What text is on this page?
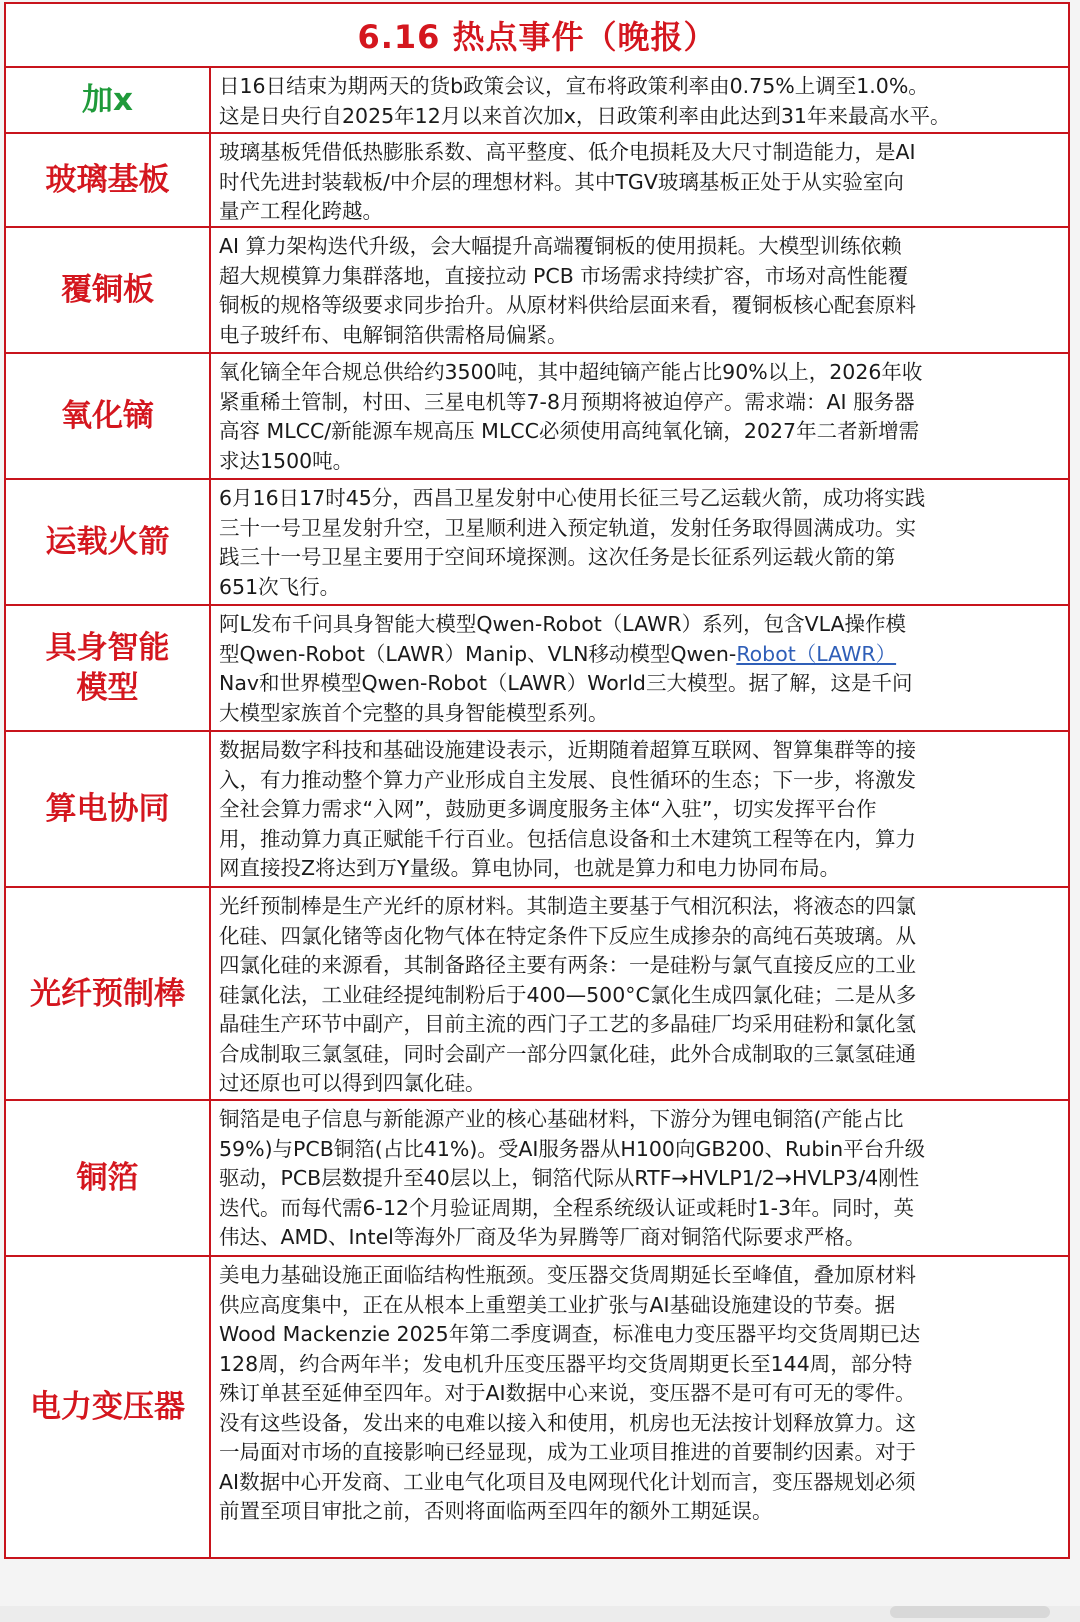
6.16 热点事件（晚报）
加x	日16日结束为期两天的货b政策会议，宣布将政策利率由0.75%上调至1.0%。
这是日央行自2025年12月以来首次加x，日政策利率由此达到31年来最高水平。
玻璃基板
玻璃基板凭借低热膨胀系数、高平整度、低介电损耗及大尺寸制造能力，是AI
时代先进封装载板/中介层的理想材料。其中TGV玻璃基板正处于从实验室向
量产工程化跨越。
覆铜板
AI 算力架构迭代升级，会大幅提升高端覆铜板的使用损耗。大模型训练依赖
超大规模算力集群落地，直接拉动 PCB 市场需求持续扩容，市场对高性能覆
铜板的规格等级要求同步抬升。从原材料供给层面来看，覆铜板核心配套原料
电子玻纤布、电解铜箔供需格局偏紧。
氧化镝
氧化镝全年合规总供给约3500吨，其中超纯镝产能占比90%以上，2026年收
紧重稀土管制，村田、三星电机等7-8月预期将被迫停产。需求端：AI 服务器
高容 MLCC/新能源车规高压 MLCC必须使用高纯氧化镝，2027年二者新增需
求达1500吨。
运载火箭
6月16日17时45分，西昌卫星发射中心使用长征三号乙运载火箭，成功将实践
三十一号卫星发射升空，卫星顺利进入预定轨道，发射任务取得圆满成功。实
践三十一号卫星主要用于空间环境探测。这次任务是长征系列运载火箭的第
651次飞行。
具身智能模型
阿L发布千问具身智能大模型Qwen-Robot（LAWR）系列，包含VLA操作模
型Qwen-Robot（LAWR）Manip、VLN移动模型Qwen-Robot（LAWR）
Nav和世界模型Qwen-Robot（LAWR）World三大模型。据了解，这是千问
大模型家族首个完整的具身智能模型系列。
算电协同
数据局数字科技和基础设施建设表示，近期随着超算互联网、智算集群等的接
入，有力推动整个算力产业形成自主发展、良性循环的生态；下一步，将激发
全社会算力需求“入网”，鼓励更多调度服务主体“入驻”，切实发挥平台作
用，推动算力真正赋能千行百业。包括信息设备和土木建筑工程等在内，算力
网直接投Z将达到万Y量级。算电协同，也就是算力和电力协同布局。
光纤预制棒
光纤预制棒是生产光纤的原材料。其制造主要基于气相沉积法，将液态的四氯
化硅、四氯化锗等卤化物气体在特定条件下反应生成掺杂的高纯石英玻璃。从
四氯化硅的来源看，其制备路径主要有两条：一是硅粉与氯气直接反应的工业
硅氯化法，工业硅经提纯制粉后于400—500°C氯化生成四氯化硅；二是从多
晶硅生产环节中副产，目前主流的西门子工艺的多晶硅厂均采用硅粉和氯化氢
合成制取三氯氢硅，同时会副产一部分四氯化硅，此外合成制取的三氯氢硅通
过还原也可以得到四氯化硅。
铜箔
铜箔是电子信息与新能源产业的核心基础材料，下游分为锂电铜箔(产能占比
59%)与PCB铜箔(占比41%)。受AI服务器从H100向GB200、Rubin平台升级
驱动，PCB层数提升至40层以上，铜箔代际从RTF→HVLP1/2→HVLP3/4刚性
迭代。而每代需6-12个月验证周期，全程系统级认证或耗时1-3年。同时，英
伟达、AMD、Intel等海外厂商及华为昇腾等厂商对铜箔代际要求严格。
电力变压器
美电力基础设施正面临结构性瓶颈。变压器交货周期延长至峰值，叠加原材料
供应高度集中，正在从根本上重塑美工业扩张与AI基础设施建设的节奏。据
Wood Mackenzie 2025年第二季度调查，标准电力变压器平均交货周期已达
128周，约合两年半；发电机升压变压器平均交货周期更长至144周，部分特
殊订单甚至延伸至四年。对于AI数据中心来说，变压器不是可有可无的零件。
没有这些设备，发出来的电难以接入和使用，机房也无法按计划释放算力。这
一局面对市场的直接影响已经显现，成为工业项目推进的首要制约因素。对于
AI数据中心开发商、工业电气化项目及电网现代化计划而言，变压器规划必须
前置至项目审批之前，否则将面临两至四年的额外工期延误。
